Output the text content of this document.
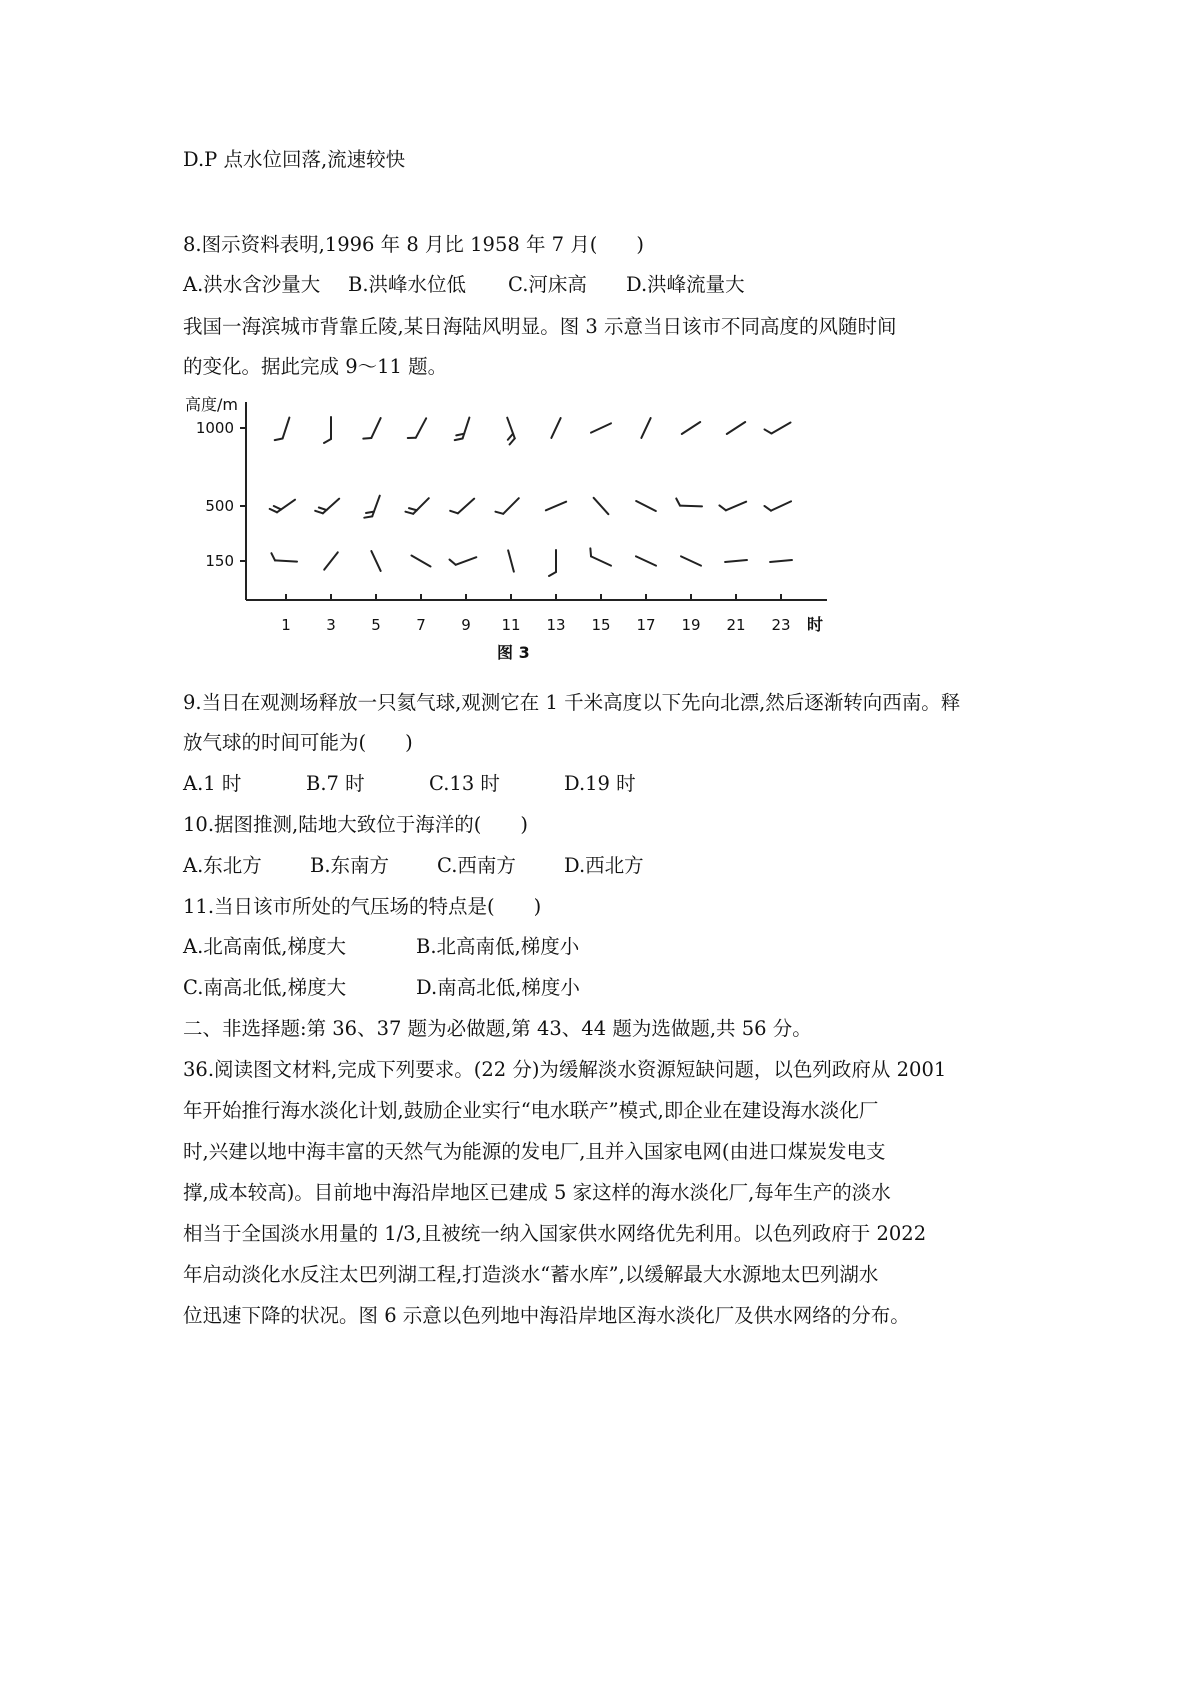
D.P 点水位回落,流速较快
8.图示资料表明,1996 年 8 月比 1958 年 7 月(　　)
A.洪水含沙量大 B.洪峰水位低 C.河床高 D.洪峰流量大
我国一海滨城市背靠丘陵,某日海陆风明显。图 3 示意当日该市不同高度的风随时间
的变化。据此完成 9～11 题。
高度/m
1000
500
150
1 3 5 7 9 11 13 15 17 19 21 23 时
图 3
9.当日在观测场释放一只氦气球,观测它在 1 千米高度以下先向北漂,然后逐渐转向西南。释
放气球的时间可能为(　　)
A.1 时	B.7 时	C.13 时	D.19 时
10.据图推测,陆地大致位于海洋的(　　)
A.东北方 B.东南方 C.西南方 D.西北方
11.当日该市所处的气压场的特点是(　　)
A.北高南低,梯度大	B.北高南低,梯度小
C.南高北低,梯度大	D.南高北低,梯度小
二、非选择题:第 36、37 题为必做题,第 43、44 题为选做题,共 56 分。
36.阅读图文材料,完成下列要求。(22 分)为缓解淡水资源短缺问题，以色列政府从 2001
年开始推行海水淡化计划,鼓励企业实行“电水联产”模式,即企业在建设海水淡化厂
时,兴建以地中海丰富的天然气为能源的发电厂,且并入国家电网(由进口煤炭发电支
撑,成本较高)。目前地中海沿岸地区已建成 5 家这样的海水淡化厂,每年生产的淡水
相当于全国淡水用量的 1/3,且被统一纳入国家供水网络优先利用。以色列政府于 2022
年启动淡化水反注太巴列湖工程,打造淡水“蓄水库”,以缓解最大水源地太巴列湖水
位迅速下降的状况。图 6 示意以色列地中海沿岸地区海水淡化厂及供水网络的分布。
